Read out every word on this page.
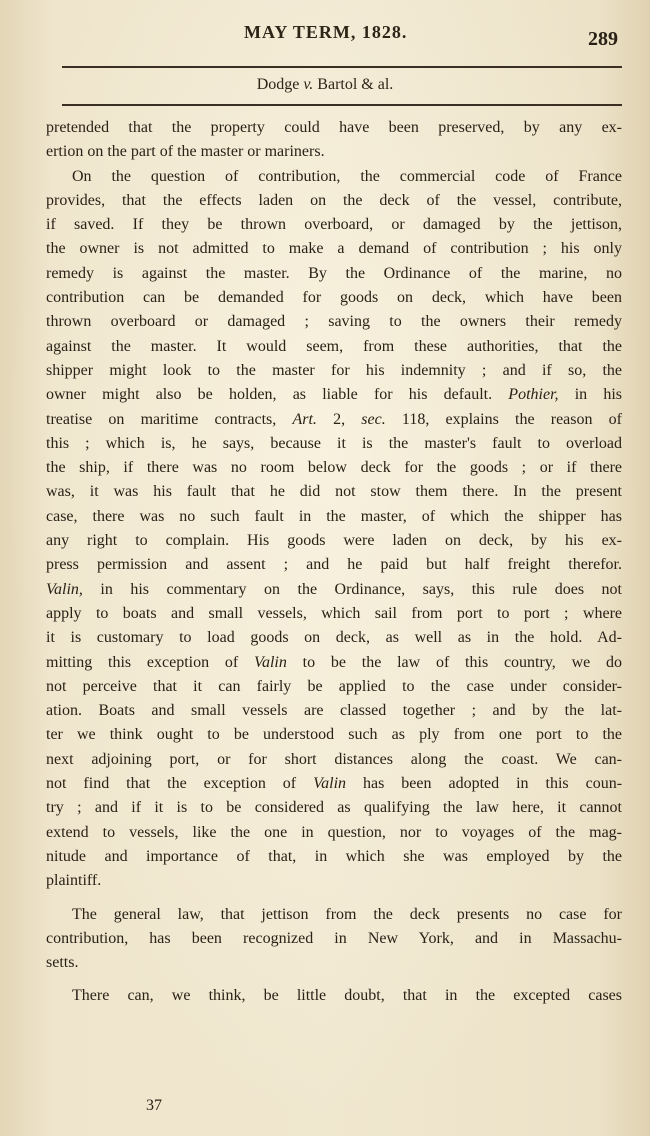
MAY TERM, 1828.	289
Dodge v. Bartol & al.
pretended that the property could have been preserved, by any ex-
ertion on the part of the master or mariners.
On the question of contribution, the commercial code of France
provides, that the effects laden on the deck of the vessel, contribute,
if saved. If they be thrown overboard, or damaged by the jettison,
the owner is not admitted to make a demand of contribution ; his only
remedy is against the master. By the Ordinance of the marine, no
contribution can be demanded for goods on deck, which have been
thrown overboard or damaged ; saving to the owners their remedy
against the master. It would seem, from these authorities, that the
shipper might look to the master for his indemnity ; and if so, the
owner might also be holden, as liable for his default. Pothier, in his
treatise on maritime contracts, Art. 2, sec. 118, explains the reason of
this ; which is, he says, because it is the master's fault to overload
the ship, if there was no room below deck for the goods ; or if there
was, it was his fault that he did not stow them there. In the present
case, there was no such fault in the master, of which the shipper has
any right to complain. His goods were laden on deck, by his ex-
press permission and assent ; and he paid but half freight therefor.
Valin, in his commentary on the Ordinance, says, this rule does not
apply to boats and small vessels, which sail from port to port ; where
it is customary to load goods on deck, as well as in the hold. Ad-
mitting this exception of Valin to be the law of this country, we do
not perceive that it can fairly be applied to the case under consider-
ation. Boats and small vessels are classed together ; and by the lat-
ter we think ought to be understood such as ply from one port to the
next adjoining port, or for short distances along the coast. We can-
not find that the exception of Valin has been adopted in this coun-
try ; and if it is to be considered as qualifying the law here, it cannot
extend to vessels, like the one in question, nor to voyages of the mag-
nitude and importance of that, in which she was employed by the
plaintiff.
The general law, that jettison from the deck presents no case for
contribution, has been recognized in New York, and in Massachu-
setts.
There can, we think, be little doubt, that in the excepted cases
37
